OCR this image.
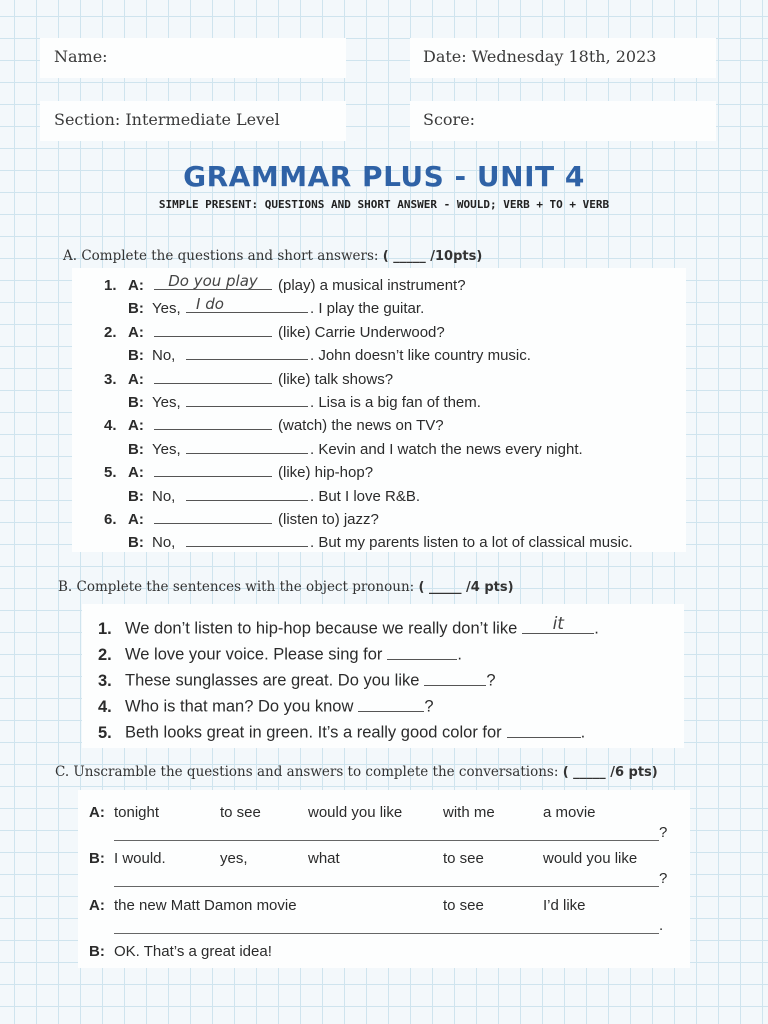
Name:	Date: Wednesday 18th, 2023
Section: Intermediate Level	Score:
GRAMMAR PLUS - UNIT 4
SIMPLE PRESENT: QUESTIONS AND SHORT ANSWER - WOULD; VERB + TO + VERB
A. Complete the questions and short answers: ( _____ /10pts)
1. A:	Do you play	(play) a musical instrument?
B: Yes,	I do	. I play the guitar.
2. A:	(like) Carrie Underwood?
B: No,	. John doesn’t like country music.
3. A:	(like) talk shows?
B: Yes,	. Lisa is a big fan of them.
4. A:	(watch) the news on TV?
B: Yes,	. Kevin and I watch the news every night.
5. A:	(like) hip-hop?
B: No,	. But I love R&B.
6. A:	(listen to) jazz?
B: No,	. But my parents listen to a lot of classical music.
B. Complete the sentences with the object pronoun: ( _____ /4 pts)
1. We don’t listen to hip-hop because we really don’t like	it	.
2. We love your voice. Please sing for	.
3. These sunglasses are great. Do you like	?
4. Who is that man? Do you know	?
5. Beth looks great in green. It’s a really good color for	.
C. Unscramble the questions and answers to complete the conversations: ( _____ /6 pts)
A: tonight	to see	would you like	with me	a movie
?
B: I would.	yes,	what	to see	would you like
?
A: the new Matt Damon movie	to see	I’d like
.
B: OK. That’s a great idea!
